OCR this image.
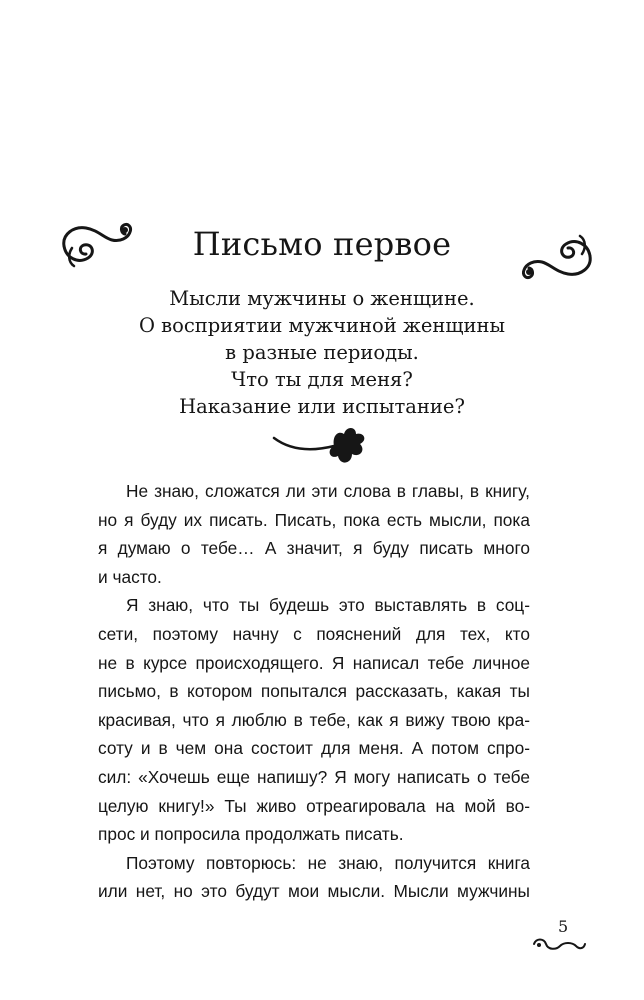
Письмо первое
Мысли мужчины о женщине.
О восприятии мужчиной женщины
в разные периоды.
Что ты для меня?
Наказание или испытание?
Не знаю, сложатся ли эти слова в главы, в книгу,
но я буду их писать. Писать, пока есть мысли, пока
я думаю о тебе… А значит, я буду писать много
и часто.
Я знаю, что ты будешь это выставлять в соц-
сети, поэтому начну с пояснений для тех, кто
не в курсе происходящего. Я написал тебе личное
письмо, в котором попытался рассказать, какая ты
красивая, что я люблю в тебе, как я вижу твою кра-
соту и в чем она состоит для меня. А потом спро-
сил: «Хочешь еще напишу? Я могу написать о тебе
целую книгу!» Ты живо отреагировала на мой во-
прос и попросила продолжать писать.
Поэтому повторюсь: не знаю, получится книга
или нет, но это будут мои мысли. Мысли мужчины
5
